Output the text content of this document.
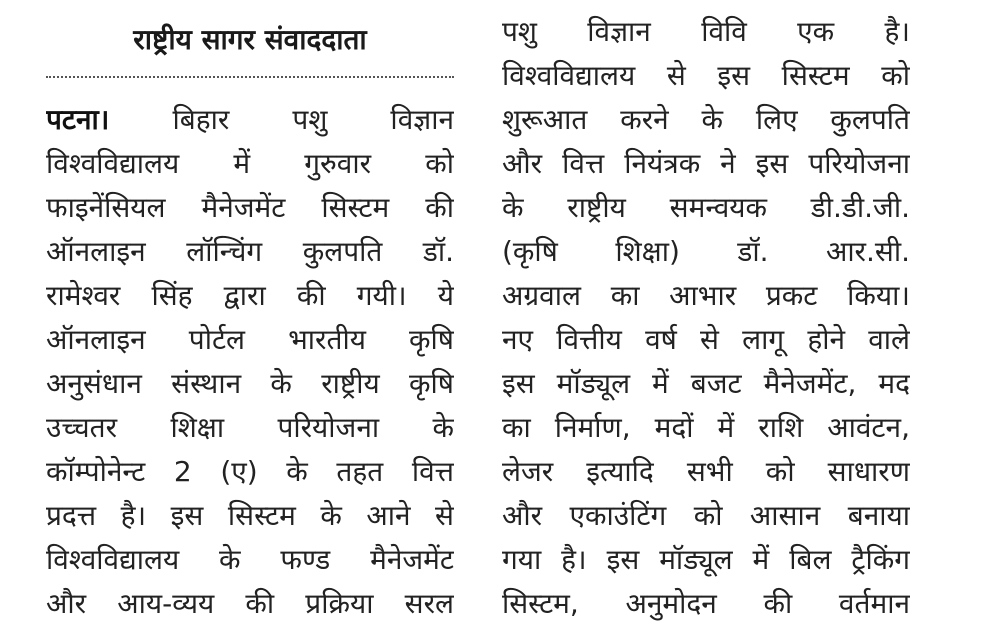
राष्ट्रीय सागर संवाददाता
पटना। बिहार पशु विज्ञान
विश्वविद्यालय में गुरुवार को
फाइनेंसियल मैनेजमेंट सिस्टम की
ऑनलाइन लॉन्चिंग कुलपति डॉ.
रामेश्वर सिंह द्वारा की गयी। ये
ऑनलाइन पोर्टल भारतीय कृषि
अनुसंधान संस्थान के राष्ट्रीय कृषि
उच्चतर शिक्षा परियोजना के
कॉम्पोनेन्ट 2 (ए) के तहत वित्त
प्रदत्त है। इस सिस्टम के आने से
विश्वविद्यालय के फण्ड मैनेजमेंट
और आय-व्यय की प्रक्रिया सरल
पशु विज्ञान विवि एक है।
विश्वविद्यालय से इस सिस्टम को
शुरूआत करने के लिए कुलपति
और वित्त नियंत्रक ने इस परियोजना
के राष्ट्रीय समन्वयक डी.डी.जी.
(कृषि शिक्षा) डॉ. आर.सी.
अग्रवाल का आभार प्रकट किया।
नए वित्तीय वर्ष से लागू होने वाले
इस मॉड्यूल में बजट मैनेजमेंट, मद
का निर्माण, मदों में राशि आवंटन,
लेजर इत्यादि सभी को साधारण
और एकाउंटिंग को आसान बनाया
गया है। इस मॉड्यूल में बिल ट्रैकिंग
सिस्टम, अनुमोदन की वर्तमान
